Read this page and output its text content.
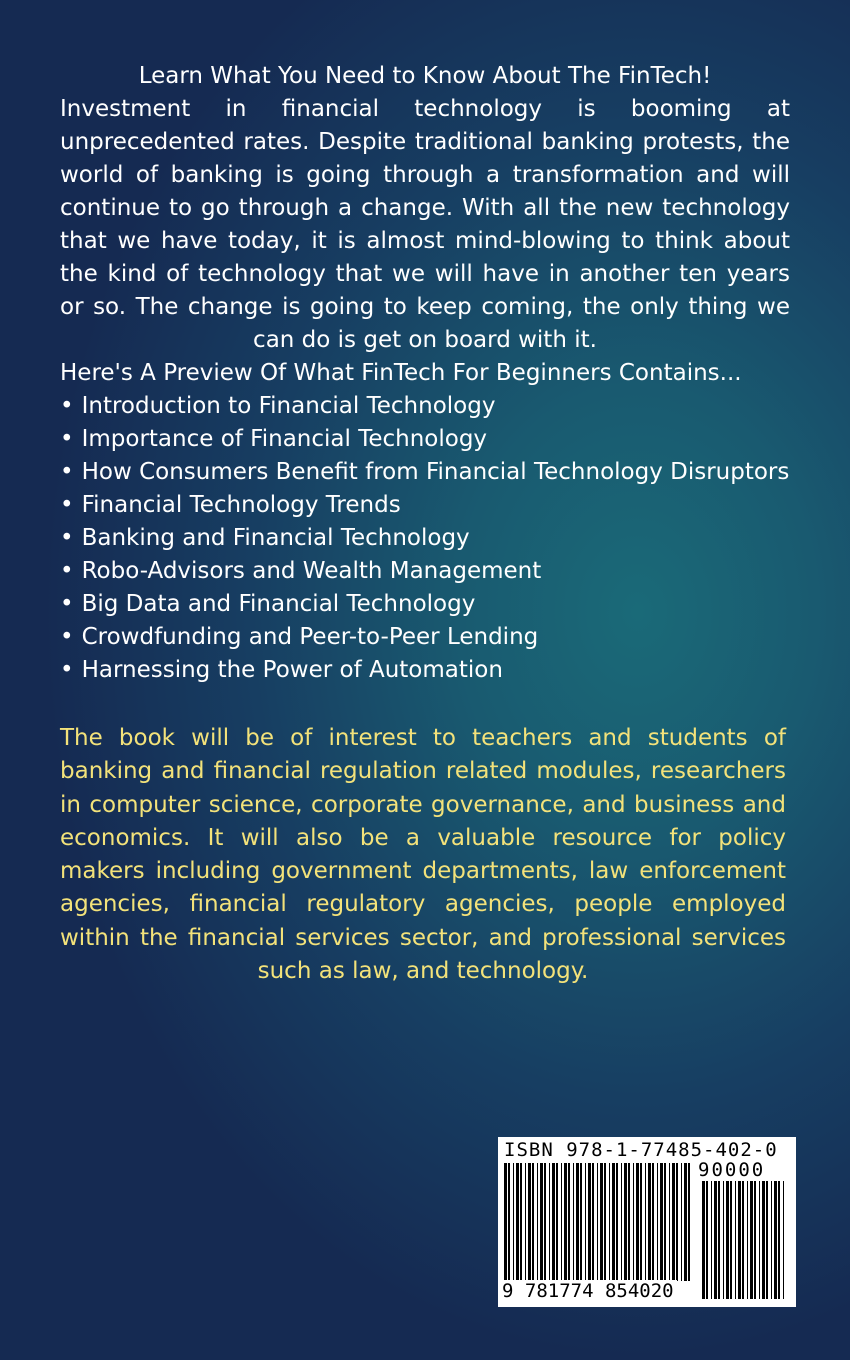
Learn What You Need to Know About The FinTech!

Investment in financial technology is booming at unprecedented rates. Despite traditional banking protests, the world of banking is going through a transformation and will continue to go through a change. With all the new technology that we have today, it is almost mind-blowing to think about the kind of technology that we will have in another ten years or so. The change is going to keep coming, the only thing we can do is get on board with it.

Here's A Preview Of What FinTech For Beginners Contains...

• Introduction to Financial Technology
• Importance of Financial Technology
• How Consumers Benefit from Financial Technology Disruptors
• Financial Technology Trends
• Banking and Financial Technology
• Robo-Advisors and Wealth Management
• Big Data and Financial Technology
• Crowdfunding and Peer-to-Peer Lending
• Harnessing the Power of Automation

The book will be of interest to teachers and students of banking and financial regulation related modules, researchers in computer science, corporate governance, and business and economics. It will also be a valuable resource for policy makers including government departments, law enforcement agencies, financial regulatory agencies, people employed within the financial services sector, and professional services such as law, and technology.

ISBN 978-1-77485-402-0
90000
9 781774 854020
